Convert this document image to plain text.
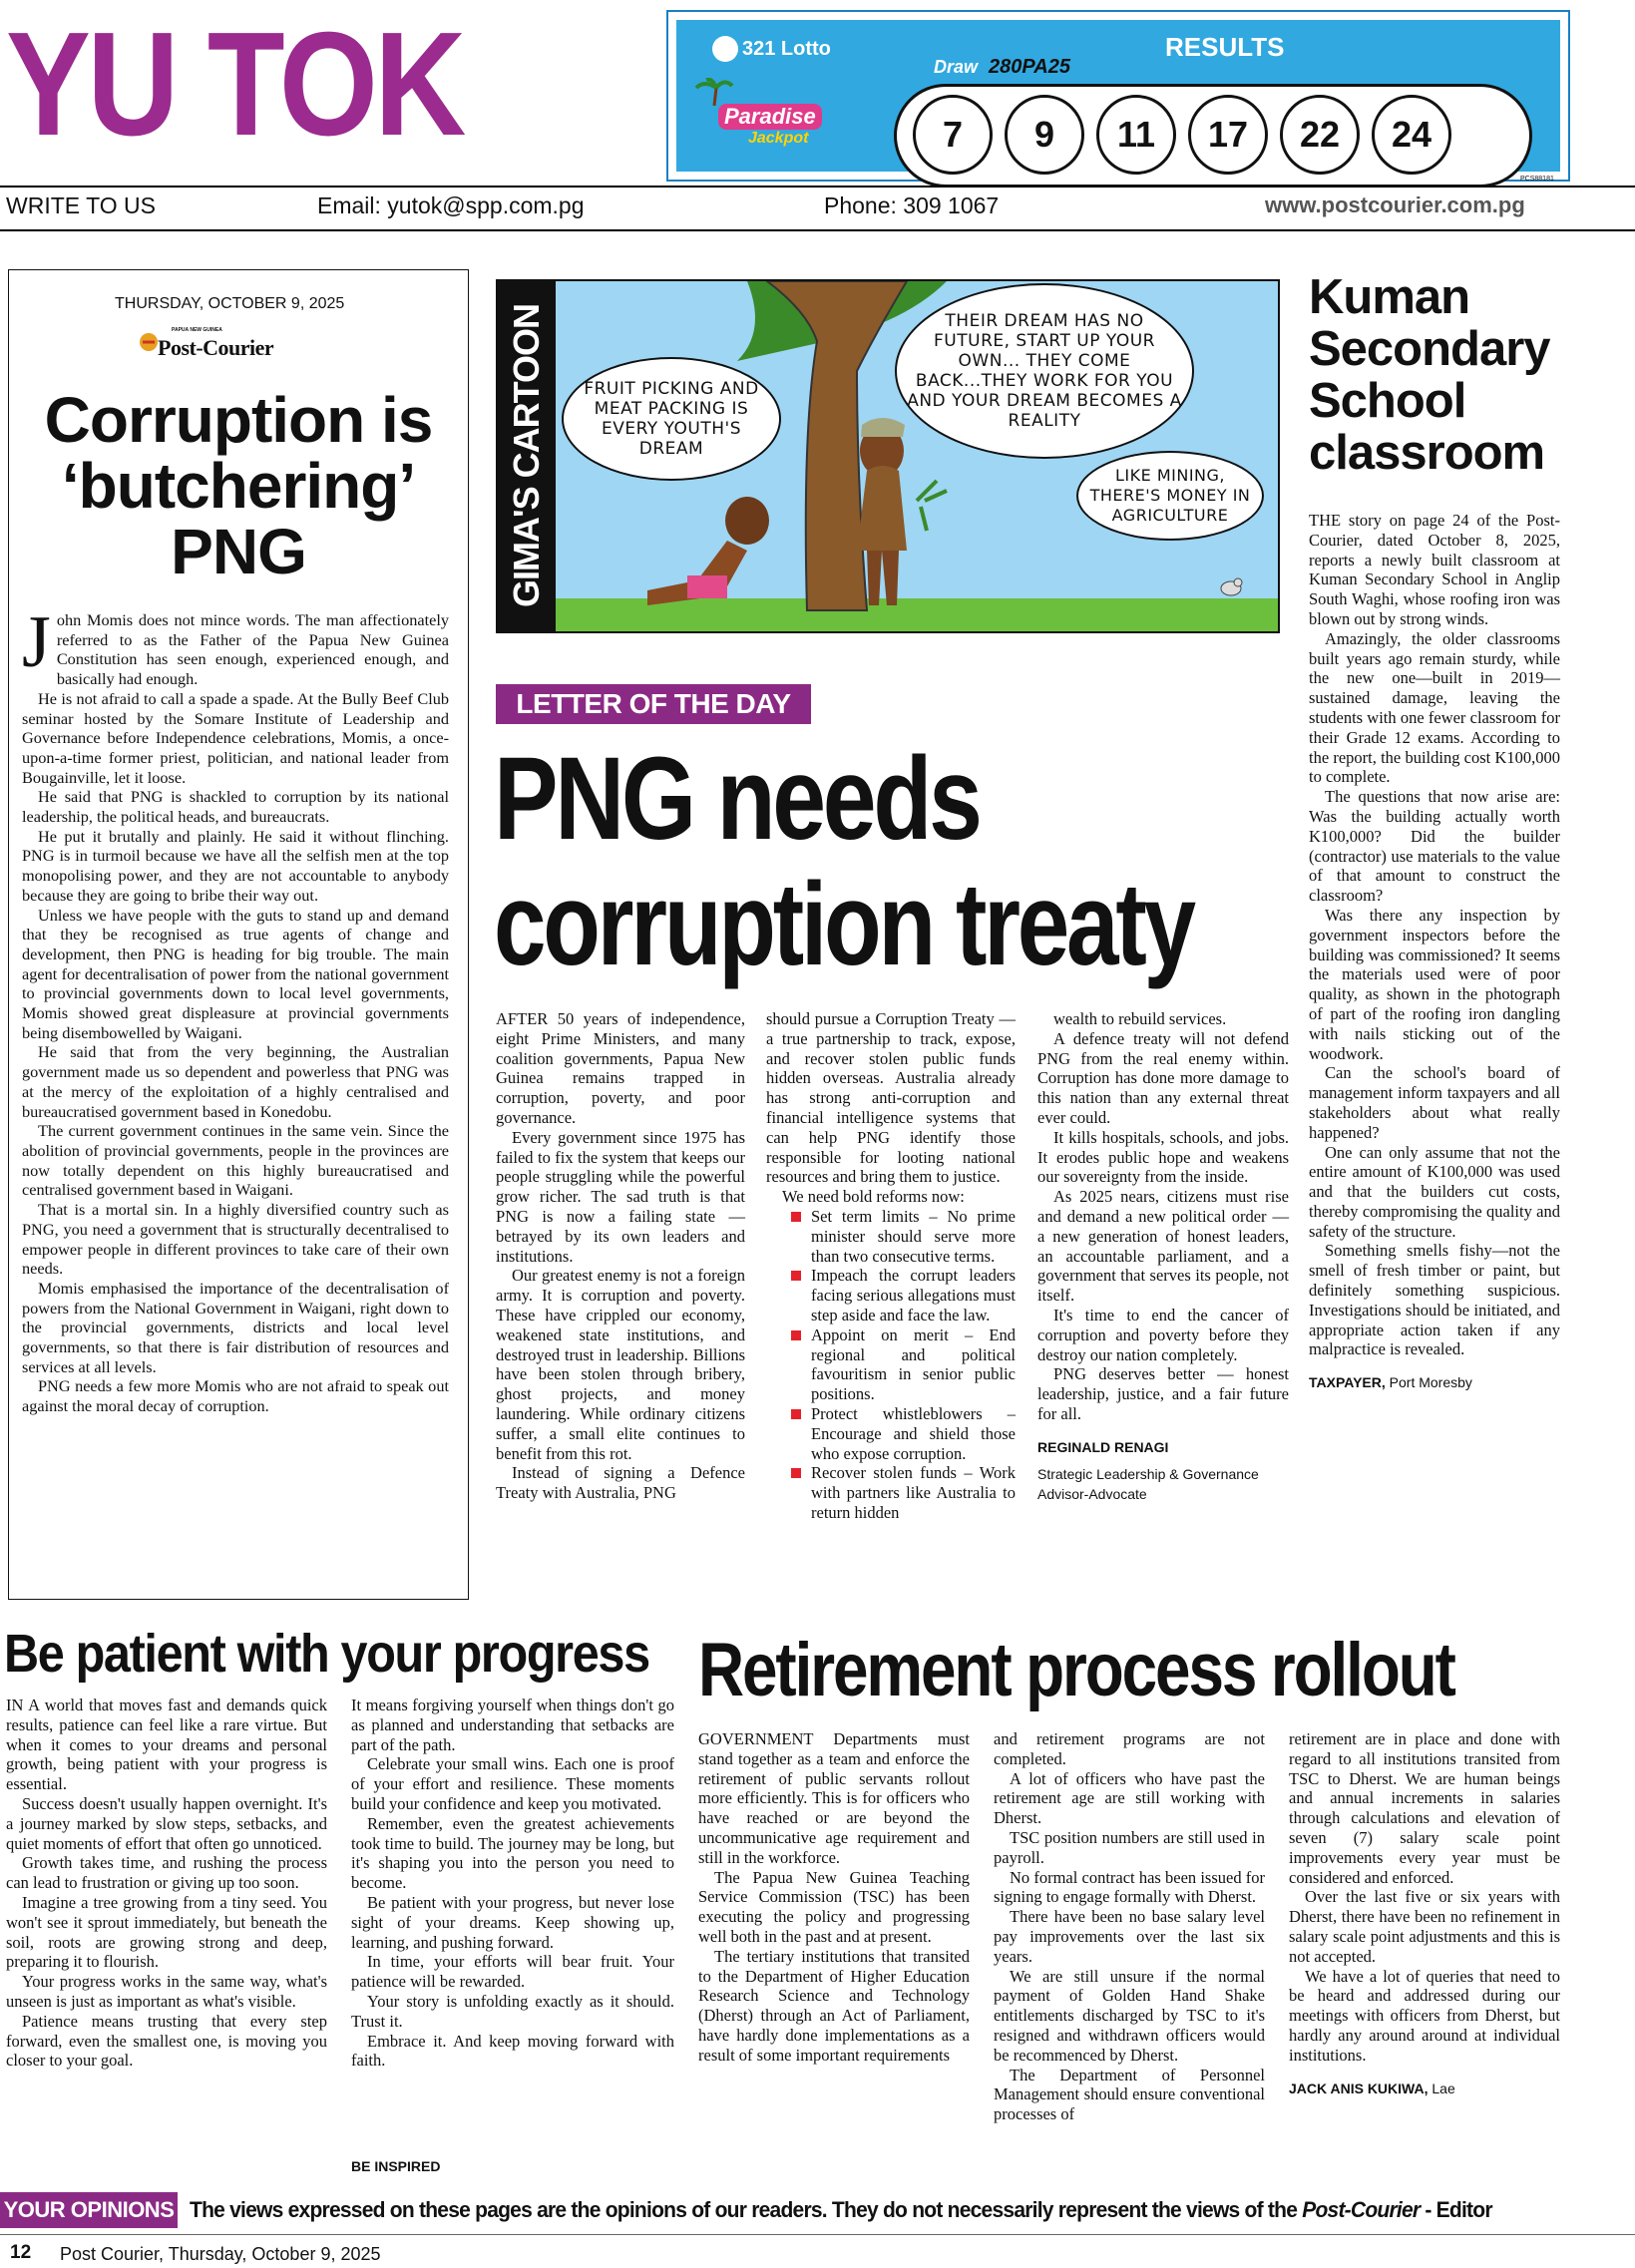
YU TOK	321 Lotto
Paradise
Jackpot
Draw 280PA25
RESULTS
7	9	11	17	22	24
PCS88181
WRITE TO US	Email: yutok@spp.com.pg	Phone: 309 1067	www.postcourier.com.pg
THURSDAY, OCTOBER 9, 2025
PAPUA NEW GUINEA
Post-Courier
Corruption is
‘butchering’
PNG

John Momis does not mince words. The man affectionately referred to as the Father of the Papua New Guinea Constitution has seen enough, experienced enough, and basically had enough.

He is not afraid to call a spade a spade. At the Bully Beef Club seminar hosted by the Somare Institute of Leadership and Governance before Independence celebrations, Momis, a once-upon-a-time former priest, politician, and national leader from Bougainville, let it loose.

He said that PNG is shackled to corruption by its national leadership, the political heads, and bureaucrats.

He put it brutally and plainly. He said it without flinching. PNG is in turmoil because we have all the selfish men at the top monopolising power, and they are not accountable to anybody because they are going to bribe their way out.

Unless we have people with the guts to stand up and demand that they be recognised as true agents of change and development, then PNG is heading for big trouble. The main agent for decentralisation of power from the national government to provincial governments down to local level governments, Momis showed great displeasure at provincial governments being disembowelled by Waigani.

He said that from the very beginning, the Australian government made us so dependent and powerless that PNG was at the mercy of the exploitation of a highly centralised and bureaucratised government based in Konedobu.

The current government continues in the same vein. Since the abolition of provincial governments, people in the provinces are now totally dependent on this highly bureaucratised and centralised government based in Waigani.

That is a mortal sin. In a highly diversified country such as PNG, you need a government that is structurally decentralised to empower people in different provinces to take care of their own needs.

Momis emphasised the importance of the decentralisation of powers from the National Government in Waigani, right down to the provincial governments, districts and local level governments, so that there is fair distribution of resources and services at all levels.

PNG needs a few more Momis who are not afraid to speak out against the moral decay of corruption.

GIMA'S CARTOON	FRUIT PICKING AND MEAT PACKING IS EVERY YOUTH'S DREAM
THEIR DREAM HAS NO FUTURE, START UP YOUR OWN... THEY COME BACK...THEY WORK FOR YOU AND YOUR DREAM BECOMES A REALITY
LIKE MINING, THERE'S MONEY IN AGRICULTURE
LETTER OF THE DAY
PNG needs
corruption treaty

AFTER 50 years of independence, eight Prime Ministers, and many coalition governments, Papua New Guinea remains trapped in corruption, poverty, and poor governance.

Every government since 1975 has failed to fix the system that keeps our people struggling while the powerful grow richer. The sad truth is that PNG is now a failing state — betrayed by its own leaders and institutions.

Our greatest enemy is not a foreign army. It is corruption and poverty. These have crippled our economy, weakened state institutions, and destroyed trust in leadership. Billions have been stolen through bribery, ghost projects, and money laundering. While ordinary citizens suffer, a small elite continues to benefit from this rot.

Instead of signing a Defence Treaty with Australia, PNG

should pursue a Corruption Treaty — a true partnership to track, expose, and recover stolen public funds hidden overseas. Australia already has strong anti-corruption and financial intelligence systems that can help PNG identify those responsible for looting national resources and bring them to justice.

We need bold reforms now:

Set term limits – No prime minister should serve more than two consecutive terms.

Impeach the corrupt leaders facing serious allegations must step aside and face the law.

Appoint on merit – End regional and political favouritism in senior public positions.

Protect whistleblowers – Encourage and shield those who expose corruption.

Recover stolen funds – Work with partners like Australia to return hidden

wealth to rebuild services.

A defence treaty will not defend PNG from the real enemy within. Corruption has done more damage to this nation than any external threat ever could.

It kills hospitals, schools, and jobs. It erodes public hope and weakens our sovereignty from the inside.

As 2025 nears, citizens must rise and demand a new political order — a new generation of honest leaders, an accountable parliament, and a government that serves its people, not itself.

It's time to end the cancer of corruption and poverty before they destroy our nation completely.

PNG deserves better — honest leadership, justice, and a fair future for all.

REGINALD RENAGI
Strategic Leadership & Governance
Advisor-Advocate
Kuman
Secondary
School
classroom

THE story on page 24 of the Post-Courier, dated October 8, 2025, reports a newly built classroom at Kuman Secondary School in Anglip South Waghi, whose roofing iron was blown out by strong winds.

Amazingly, the older classrooms built years ago remain sturdy, while the new one—built in 2019—sustained damage, leaving the students with one fewer classroom for their Grade 12 exams. According to the report, the building cost K100,000 to complete.

The questions that now arise are: Was the building actually worth K100,000? Did the builder (contractor) use materials to the value of that amount to construct the classroom?

Was there any inspection by government inspectors before the building was commissioned? It seems the materials used were of poor quality, as shown in the photograph of part of the roofing iron dangling with nails sticking out of the woodwork.

Can the school's board of management inform taxpayers and all stakeholders about what really happened?

One can only assume that not the entire amount of K100,000 was used and that the builders cut costs, thereby compromising the quality and safety of the structure.

Something smells fishy—not the smell of fresh timber or paint, but definitely something suspicious. Investigations should be initiated, and appropriate action taken if any malpractice is revealed.

TAXPAYER, Port Moresby
Be patient with your progress

IN A world that moves fast and demands quick results, patience can feel like a rare virtue. But when it comes to your dreams and personal growth, being patient with your progress is essential.

Success doesn't usually happen overnight. It's a journey marked by slow steps, setbacks, and quiet moments of effort that often go unnoticed.

Growth takes time, and rushing the process can lead to frustration or giving up too soon.

Imagine a tree growing from a tiny seed. You won't see it sprout immediately, but beneath the soil, roots are growing strong and deep, preparing it to flourish.

Your progress works in the same way, what's unseen is just as important as what's visible.

Patience means trusting that every step forward, even the smallest one, is moving you closer to your goal.

It means forgiving yourself when things don't go as planned and understanding that setbacks are part of the path.

Celebrate your small wins. Each one is proof of your effort and resilience. These moments build your confidence and keep you motivated.

Remember, even the greatest achievements took time to build. The journey may be long, but it's shaping you into the person you need to become.

Be patient with your progress, but never lose sight of your dreams. Keep showing up, learning, and pushing forward.

In time, your efforts will bear fruit. Your patience will be rewarded.

Your story is unfolding exactly as it should. Trust it.

Embrace it. And keep moving forward with faith.

BE INSPIRED
Retirement process rollout

GOVERNMENT Departments must stand together as a team and enforce the retirement of public servants rollout more efficiently. This is for officers who have reached or are beyond the uncommunicative age requirement and still in the workforce.

The Papua New Guinea Teaching Service Commission (TSC) has been executing the policy and progressing well both in the past and at present.

The tertiary institutions that transited to the Department of Higher Education Research Science and Technology (Dherst) through an Act of Parliament, have hardly done implementations as a result of some important requirements

and retirement programs are not completed.

A lot of officers who have past the retirement age are still working with Dherst.

TSC position numbers are still used in payroll.

No formal contract has been issued for signing to engage formally with Dherst.

There have been no base salary level pay improvements over the last six years.

We are still unsure if the normal payment of Golden Hand Shake entitlements discharged by TSC to it's resigned and withdrawn officers would be recommenced by Dherst.

The Department of Personnel Management should ensure conventional processes of

retirement are in place and done with regard to all institutions transited from TSC to Dherst. We are human beings and annual increments in salaries through calculations and elevation of seven (7) salary scale point improvements every year must be considered and enforced.

Over the last five or six years with Dherst, there have been no refinement in salary scale point adjustments and this is not accepted.

We have a lot of queries that need to be heard and addressed during our meetings with officers from Dherst, but hardly any around around at individual institutions.

JACK ANIS KUKIWA, Lae
YOUR OPINIONS The views expressed on these pages are the opinions of our readers. They do not necessarily represent the views of the Post-Courier - Editor
12 Post Courier, Thursday, October 9, 2025
